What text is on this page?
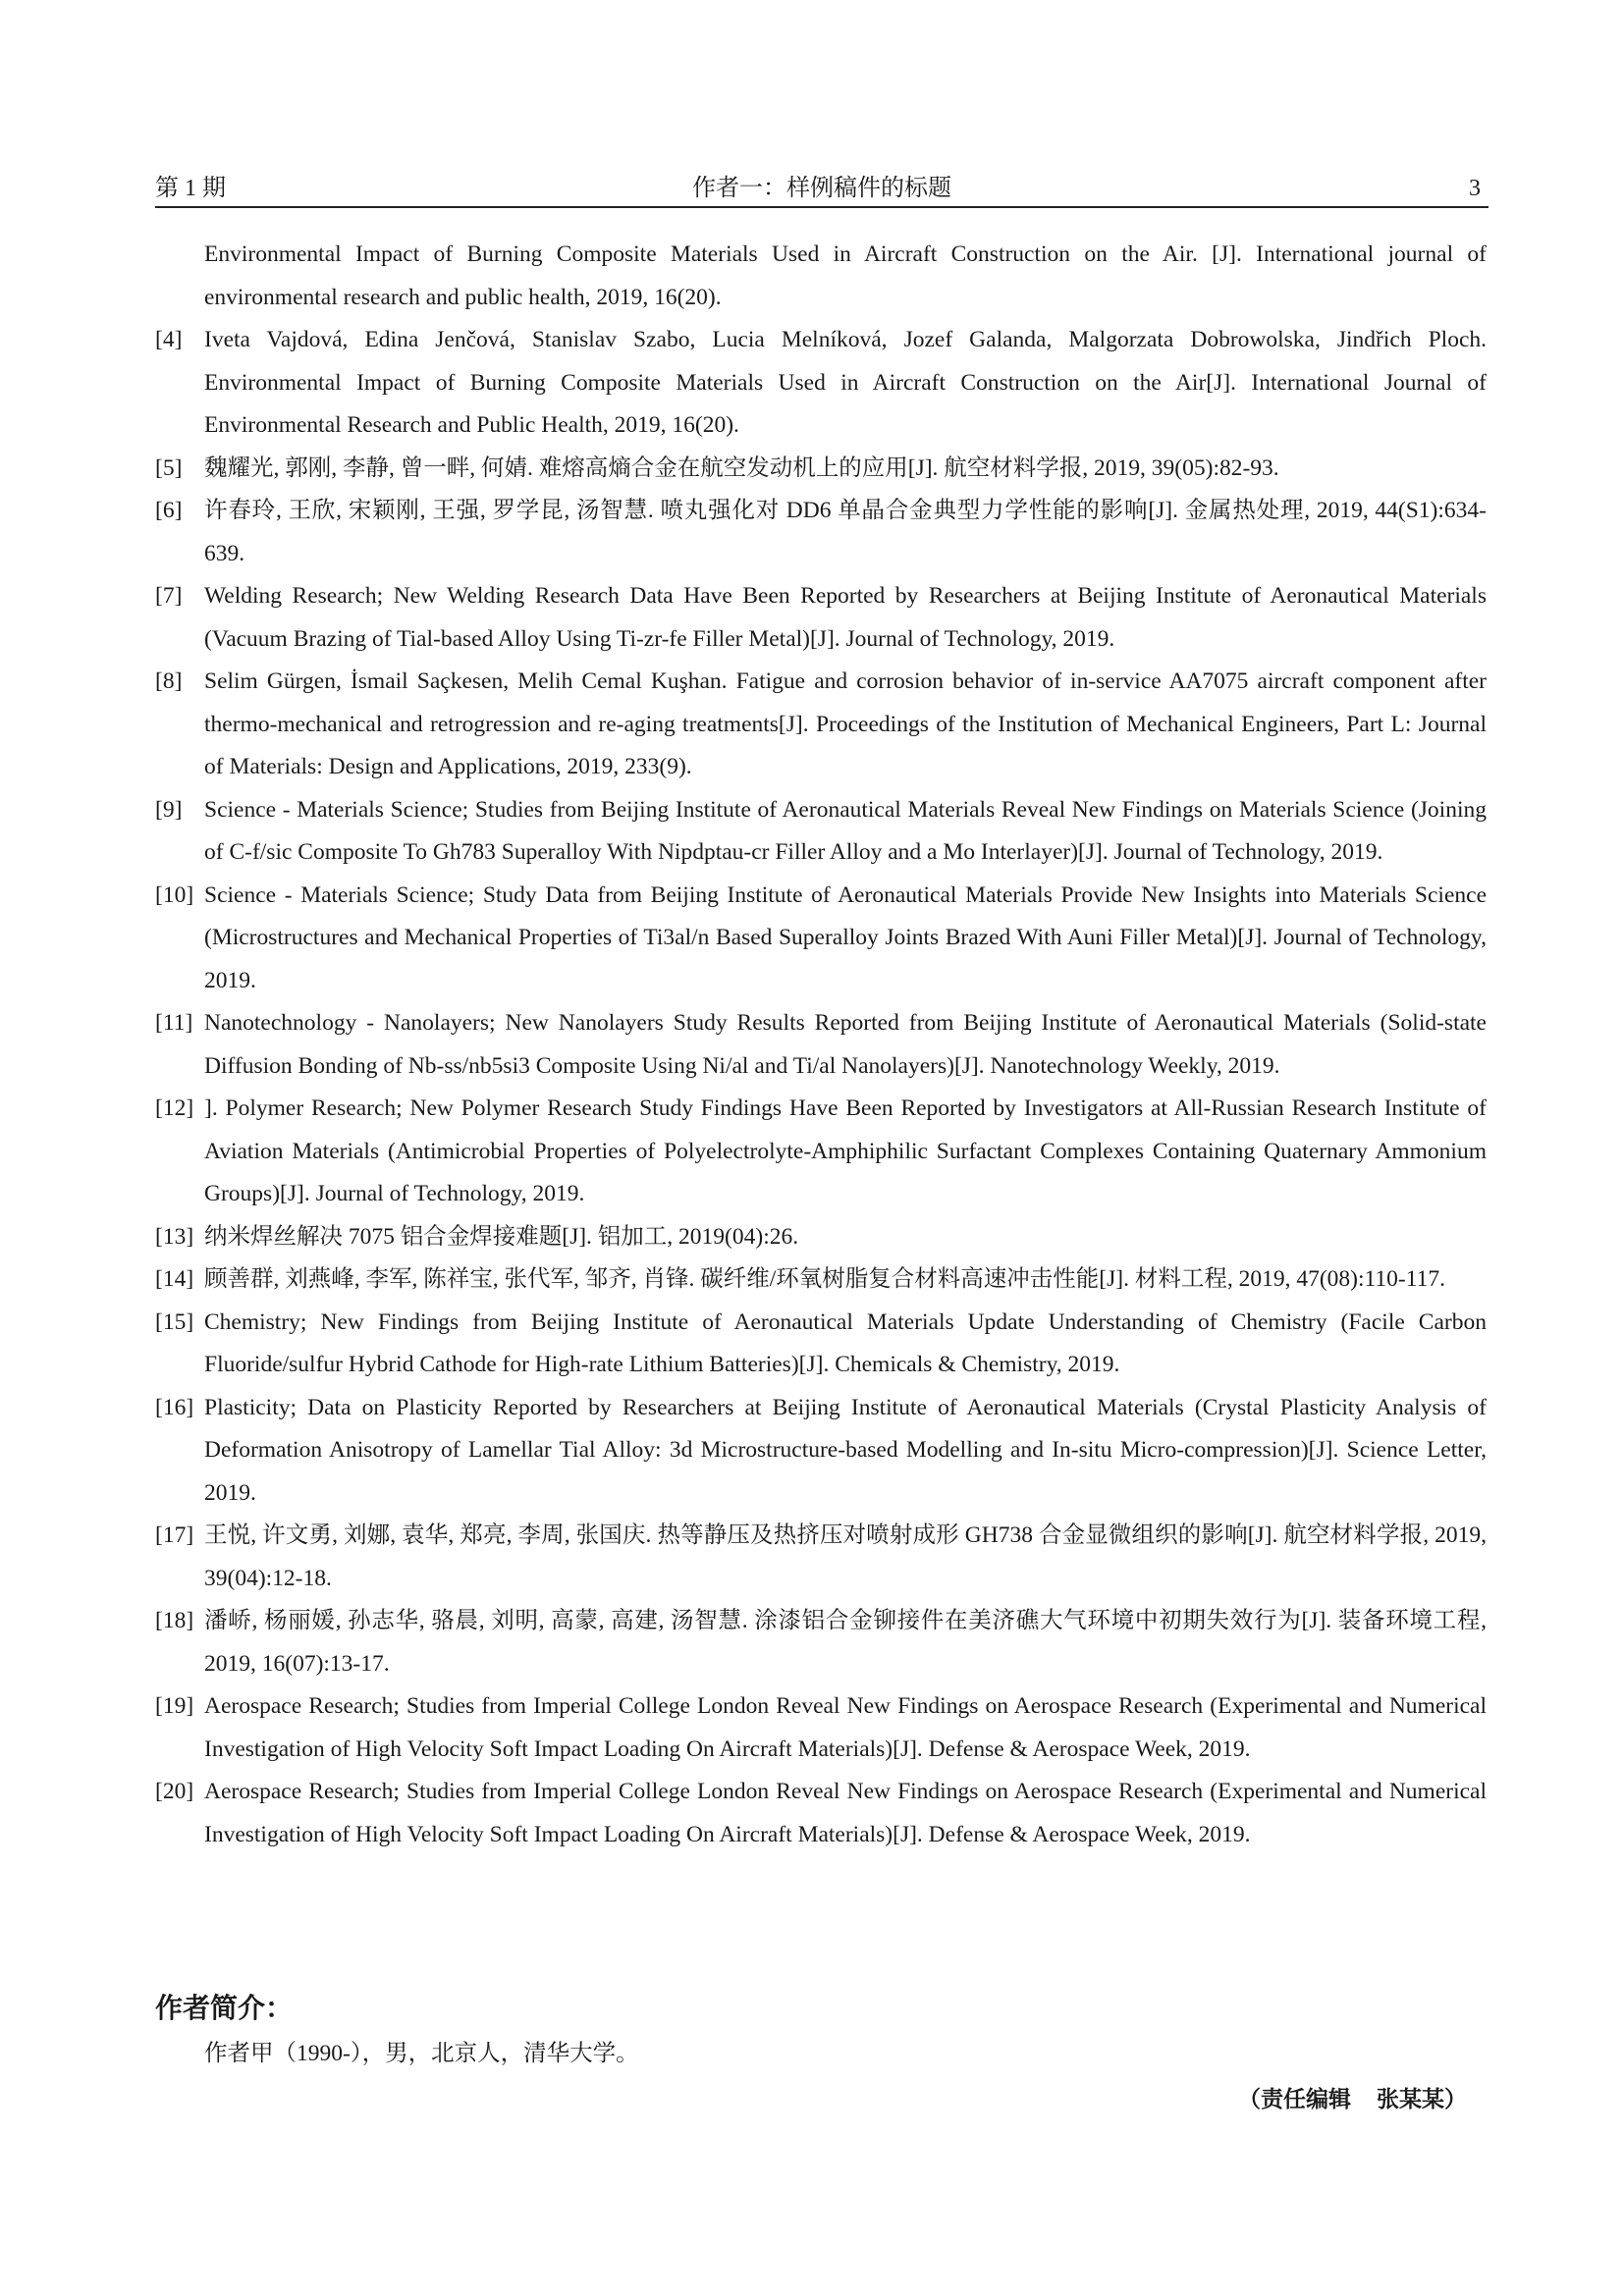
第 1 期	作者一：样例稿件的标题	3
Environmental Impact of Burning Composite Materials Used in Aircraft Construction on the Air. [J]. International journal of environmental research and public health, 2019, 16(20).
[4] Iveta Vajdová, Edina Jenčová, Stanislav Szabo, Lucia Melníková, Jozef Galanda, Malgorzata Dobrowolska, Jindřich Ploch. Environmental Impact of Burning Composite Materials Used in Aircraft Construction on the Air[J]. International Journal of Environmental Research and Public Health, 2019, 16(20).
[5] 魏耀光, 郭刚, 李静, 曾一畔, 何婧. 难熔高熵合金在航空发动机上的应用[J]. 航空材料学报, 2019, 39(05):82-93.
[6] 许春玲, 王欣, 宋颖刚, 王强, 罗学昆, 汤智慧. 喷丸强化对 DD6 单晶合金典型力学性能的影响[J]. 金属热处理, 2019, 44(S1):634-639.
[7] Welding Research; New Welding Research Data Have Been Reported by Researchers at Beijing Institute of Aeronautical Materials (Vacuum Brazing of Tial-based Alloy Using Ti-zr-fe Filler Metal)[J]. Journal of Technology, 2019.
[8] Selim Gürgen, İsmail Saçkesen, Melih Cemal Kuşhan. Fatigue and corrosion behavior of in-service AA7075 aircraft component after thermo-mechanical and retrogression and re-aging treatments[J]. Proceedings of the Institution of Mechanical Engineers, Part L: Journal of Materials: Design and Applications, 2019, 233(9).
[9] Science - Materials Science; Studies from Beijing Institute of Aeronautical Materials Reveal New Findings on Materials Science (Joining of C-f/sic Composite To Gh783 Superalloy With Nipdptau-cr Filler Alloy and a Mo Interlayer)[J]. Journal of Technology, 2019.
[10] Science - Materials Science; Study Data from Beijing Institute of Aeronautical Materials Provide New Insights into Materials Science (Microstructures and Mechanical Properties of Ti3al/n Based Superalloy Joints Brazed With Auni Filler Metal)[J]. Journal of Technology, 2019.
[11] Nanotechnology - Nanolayers; New Nanolayers Study Results Reported from Beijing Institute of Aeronautical Materials (Solid-state Diffusion Bonding of Nb-ss/nb5si3 Composite Using Ni/al and Ti/al Nanolayers)[J]. Nanotechnology Weekly, 2019.
[12] ]. Polymer Research; New Polymer Research Study Findings Have Been Reported by Investigators at All-Russian Research Institute of Aviation Materials (Antimicrobial Properties of Polyelectrolyte-Amphiphilic Surfactant Complexes Containing Quaternary Ammonium Groups)[J]. Journal of Technology, 2019.
[13] 纳米焊丝解决 7075 铝合金焊接难题[J]. 铝加工, 2019(04):26.
[14] 顾善群, 刘燕峰, 李军, 陈祥宝, 张代军, 邹齐, 肖锋. 碳纤维/环氧树脂复合材料高速冲击性能[J]. 材料工程, 2019, 47(08):110-117.
[15] Chemistry; New Findings from Beijing Institute of Aeronautical Materials Update Understanding of Chemistry (Facile Carbon Fluoride/sulfur Hybrid Cathode for High-rate Lithium Batteries)[J]. Chemicals & Chemistry, 2019.
[16] Plasticity; Data on Plasticity Reported by Researchers at Beijing Institute of Aeronautical Materials (Crystal Plasticity Analysis of Deformation Anisotropy of Lamellar Tial Alloy: 3d Microstructure-based Modelling and In-situ Micro-compression)[J]. Science Letter, 2019.
[17] 王悦, 许文勇, 刘娜, 袁华, 郑亮, 李周, 张国庆. 热等静压及热挤压对喷射成形 GH738 合金显微组织的影响[J]. 航空材料学报, 2019, 39(04):12-18.
[18] 潘峤, 杨丽媛, 孙志华, 骆晨, 刘明, 高蒙, 高建, 汤智慧. 涂漆铝合金铆接件在美济礁大气环境中初期失效行为[J]. 装备环境工程, 2019, 16(07):13-17.
[19] Aerospace Research; Studies from Imperial College London Reveal New Findings on Aerospace Research (Experimental and Numerical Investigation of High Velocity Soft Impact Loading On Aircraft Materials)[J]. Defense & Aerospace Week, 2019.
[20] Aerospace Research; Studies from Imperial College London Reveal New Findings on Aerospace Research (Experimental and Numerical Investigation of High Velocity Soft Impact Loading On Aircraft Materials)[J]. Defense & Aerospace Week, 2019.
作者简介：
作者甲（1990-），男，北京人，清华大学。
（责任编辑 张某某）
